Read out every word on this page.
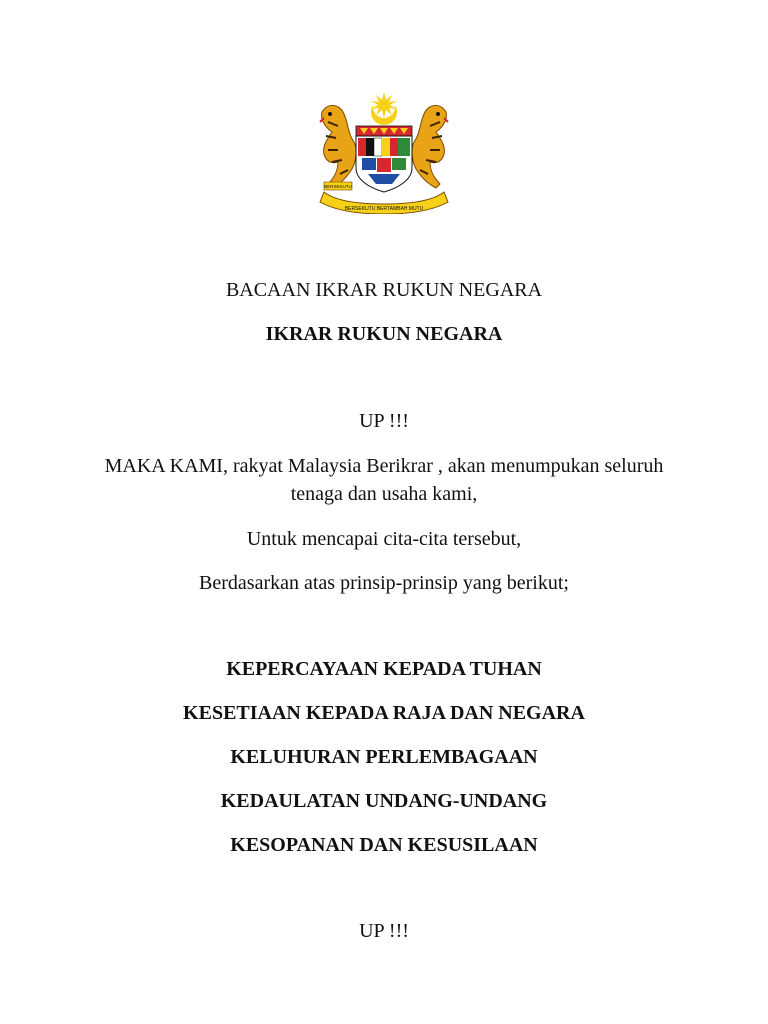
BERSEKUTU BERTAMBAH MUTU
BERSEKUTU
BACAAN IKRAR RUKUN NEGARA
IKRAR RUKUN NEGARA
UP !!!
MAKA KAMI, rakyat Malaysia Berikrar , akan menumpukan seluruh tenaga dan usaha kami,
Untuk mencapai cita-cita tersebut,
Berdasarkan atas prinsip-prinsip yang berikut;
KEPERCAYAAN KEPADA TUHAN
KESETIAAN KEPADA RAJA DAN NEGARA
KELUHURAN PERLEMBAGAAN
KEDAULATAN UNDANG-UNDANG
KESOPANAN DAN KESUSILAAN
UP !!!
